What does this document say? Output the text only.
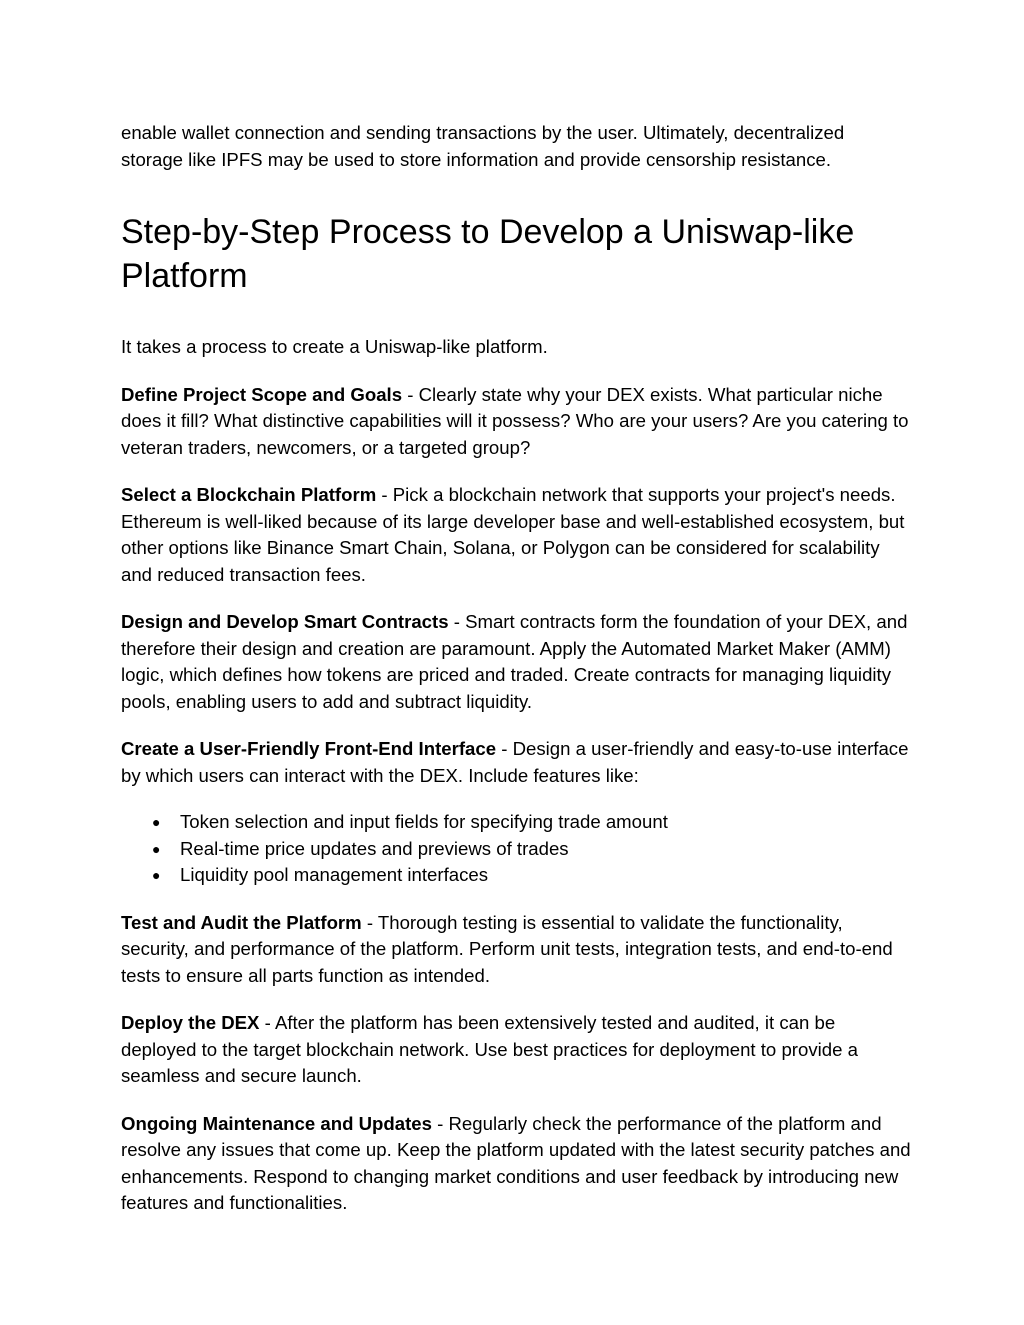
enable wallet connection and sending transactions by the user. Ultimately, decentralized storage like IPFS may be used to store information and provide censorship resistance.

Step-by-Step Process to Develop a Uniswap-like Platform

It takes a process to create a Uniswap-like platform.

Define Project Scope and Goals - Clearly state why your DEX exists. What particular niche does it fill? What distinctive capabilities will it possess? Who are your users? Are you catering to veteran traders, newcomers, or a targeted group?

Select a Blockchain Platform - Pick a blockchain network that supports your project's needs. Ethereum is well-liked because of its large developer base and well-established ecosystem, but other options like Binance Smart Chain, Solana, or Polygon can be considered for scalability and reduced transaction fees.

Design and Develop Smart Contracts - Smart contracts form the foundation of your DEX, and therefore their design and creation are paramount. Apply the Automated Market Maker (AMM) logic, which defines how tokens are priced and traded. Create contracts for managing liquidity pools, enabling users to add and subtract liquidity.

Create a User-Friendly Front-End Interface - Design a user-friendly and easy-to-use interface by which users can interact with the DEX. Include features like:

● Token selection and input fields for specifying trade amount
● Real-time price updates and previews of trades
● Liquidity pool management interfaces

Test and Audit the Platform - Thorough testing is essential to validate the functionality, security, and performance of the platform. Perform unit tests, integration tests, and end-to-end tests to ensure all parts function as intended.

Deploy the DEX - After the platform has been extensively tested and audited, it can be deployed to the target blockchain network. Use best practices for deployment to provide a seamless and secure launch.

Ongoing Maintenance and Updates - Regularly check the performance of the platform and resolve any issues that come up. Keep the platform updated with the latest security patches and enhancements. Respond to changing market conditions and user feedback by introducing new features and functionalities.
